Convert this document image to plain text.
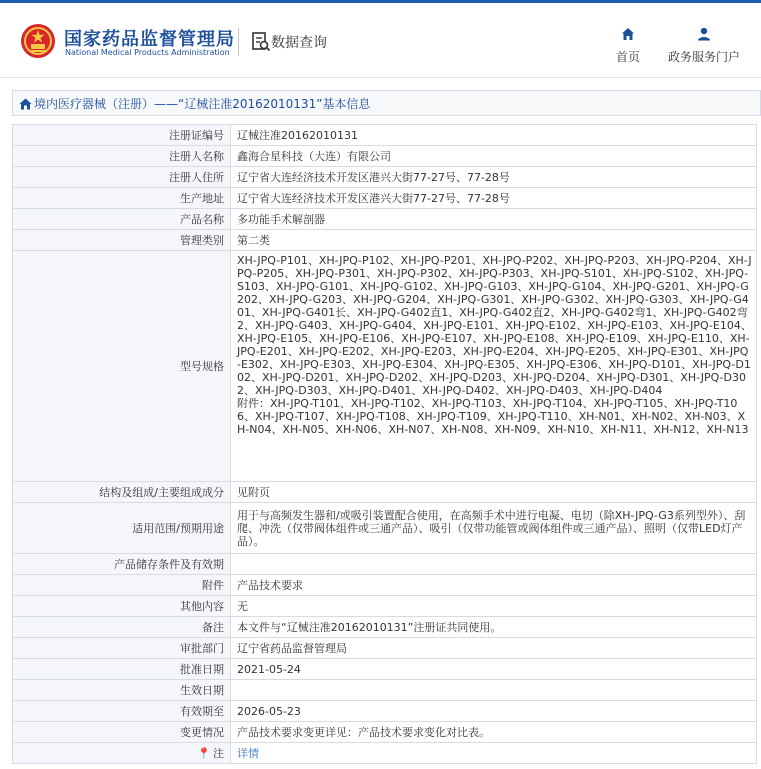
国家药品监督管理局
National Medical Products Administration
数据查询
首页	政务服务门户
境内医疗器械（注册）——“辽械注准20162010131”基本信息
注册证编号	辽械注准20162010131
注册人名称	鑫海合星科技（大连）有限公司
注册人住所	辽宁省大连经济技术开发区港兴大街77-27号、77-28号
生产地址	辽宁省大连经济技术开发区港兴大街77-27号、77-28号
产品名称	多功能手术解剖器
管理类别	第二类
型号规格	XH-JPQ-P101、XH-JPQ-P102、XH-JPQ-P201、XH-JPQ-P202、XH-JPQ-P203、XH-JPQ-P204、XH-JPQ-P205、XH-JPQ-P301、XH-JPQ-P302、XH-JPQ-P303、XH-JPQ-S101、XH-JPQ-S102、XH-JPQ-S103、XH-JPQ-G101、XH-JPQ-G102、XH-JPQ-G103、XH-JPQ-G104、XH-JPQ-G201、XH-JPQ-G202、XH-JPQ-G203、XH-JPQ-G204、XH-JPQ-G301、XH-JPQ-G302、XH-JPQ-G303、XH-JPQ-G401、XH-JPQ-G401长、XH-JPQ-G402直1、XH-JPQ-G402直2、XH-JPQ-G402弯1、XH-JPQ-G402弯2、XH-JPQ-G403、XH-JPQ-G404、XH-JPQ-E101、XH-JPQ-E102、XH-JPQ-E103、XH-JPQ-E104、XH-JPQ-E105、XH-JPQ-E106、XH-JPQ-E107、XH-JPQ-E108、XH-JPQ-E109、XH-JPQ-E110、XH-JPQ-E201、XH-JPQ-E202、XH-JPQ-E203、XH-JPQ-E204、XH-JPQ-E205、XH-JPQ-E301、XH-JPQ-E302、XH-JPQ-E303、XH-JPQ-E304、XH-JPQ-E305、XH-JPQ-E306、XH-JPQ-D101、XH-JPQ-D102、XH-JPQ-D201、XH-JPQ-D202、XH-JPQ-D203、XH-JPQ-D204、XH-JPQ-D301、XH-JPQ-D302、XH-JPQ-D303、XH-JPQ-D401、XH-JPQ-D402、XH-JPQ-D403、XH-JPQ-D404
附件：XH-JPQ-T101、XH-JPQ-T102、XH-JPQ-T103、XH-JPQ-T104、XH-JPQ-T105、XH-JPQ-T106、XH-JPQ-T107、XH-JPQ-T108、XH-JPQ-T109、XH-JPQ-T110、XH-N01、XH-N02、XH-N03、XH-N04、XH-N05、XH-N06、XH-N07、XH-N08、XH-N09、XH-N10、XH-N11、XH-N12、XH-N13

结构及组成/主要组成成分	见附页
适用范围/预期用途	用于与高频发生器和/或吸引装置配合使用，在高频手术中进行电凝、电切（除XH-JPQ-G3系列型外）、刮爬、冲洗（仅带阀体组件或三通产品）、吸引（仅带功能管或阀体组件或三通产品）、照明（仅带LED灯产品）。
产品储存条件及有效期	
附件	产品技术要求
其他内容	无
备注	本文件与“辽械注准20162010131”注册证共同使用。
审批部门	辽宁省药品监督管理局
批准日期	2021-05-24
生效日期	
有效期至	2026-05-23
变更情况	产品技术要求变更详见：产品技术要求变化对比表。
📍 注	详情
